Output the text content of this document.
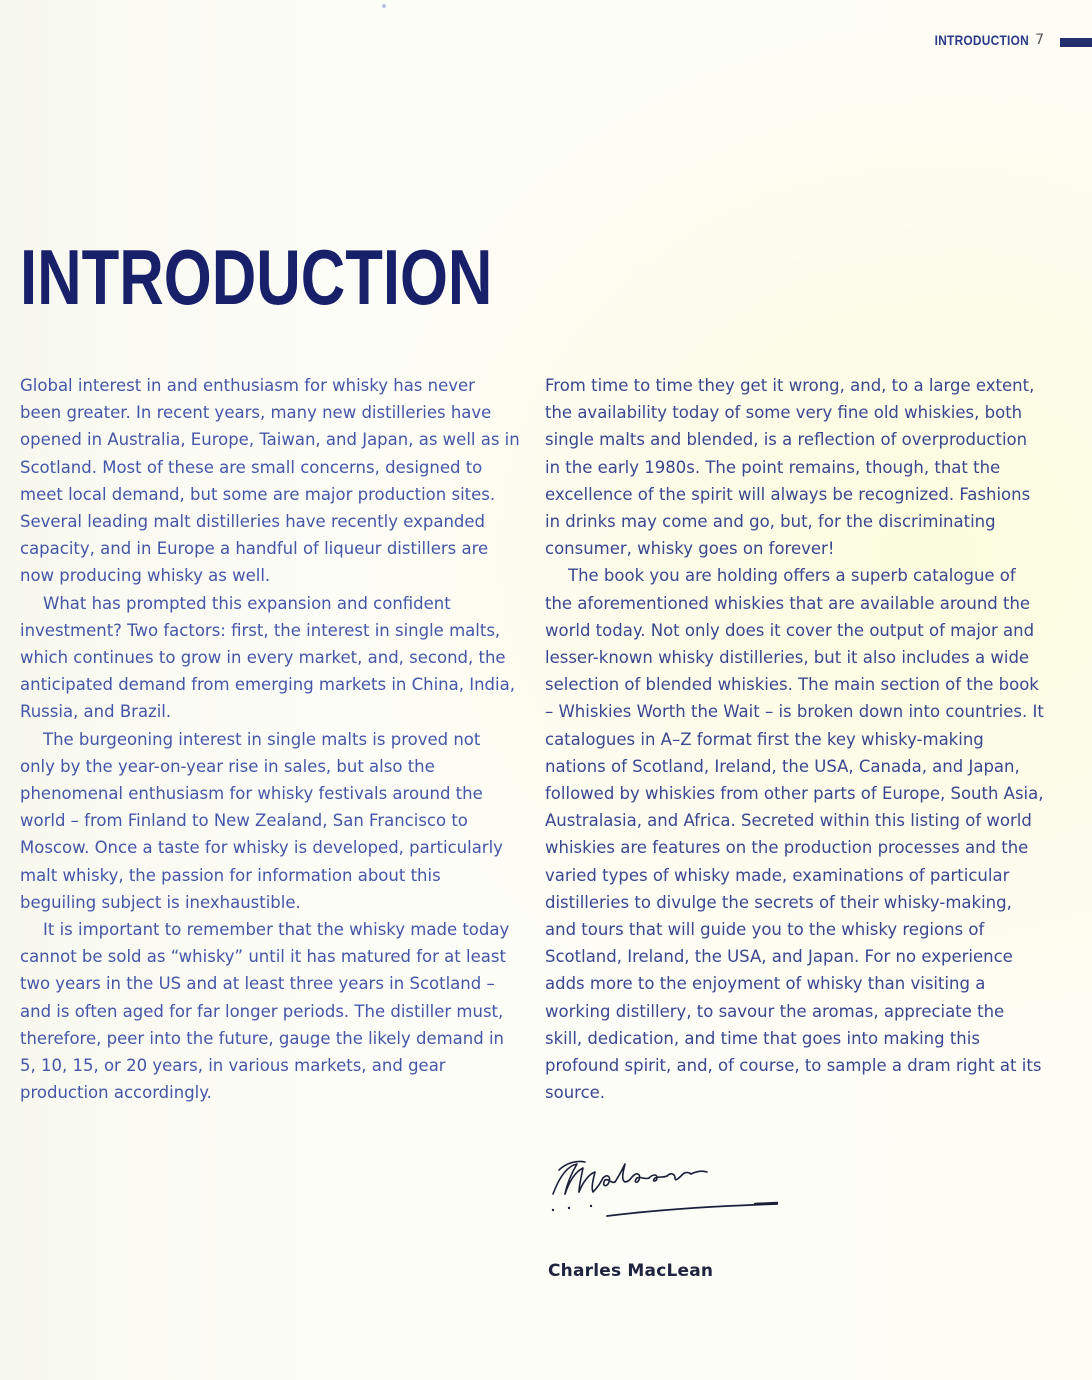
INTRODUCTION 7
INTRODUCTION

Global interest in and enthusiasm for whisky has never been greater. In recent years, many new distilleries have opened in Australia, Europe, Taiwan, and Japan, as well as in Scotland. Most of these are small concerns, designed to meet local demand, but some are major production sites. Several leading malt distilleries have recently expanded capacity, and in Europe a handful of liqueur distillers are now producing whisky as well.

What has prompted this expansion and confident investment? Two factors: first, the interest in single malts, which continues to grow in every market, and, second, the anticipated demand from emerging markets in China, India, Russia, and Brazil.

The burgeoning interest in single malts is proved not only by the year-on-year rise in sales, but also the phenomenal enthusiasm for whisky festivals around the world – from Finland to New Zealand, San Francisco to Moscow. Once a taste for whisky is developed, particularly malt whisky, the passion for information about this beguiling subject is inexhaustible.

It is important to remember that the whisky made today cannot be sold as “whisky” until it has matured for at least two years in the US and at least three years in Scotland – and is often aged for far longer periods. The distiller must, therefore, peer into the future, gauge the likely demand in 5, 10, 15, or 20 years, in various markets, and gear production accordingly.

From time to time they get it wrong, and, to a large extent, the availability today of some very fine old whiskies, both single malts and blended, is a reflection of overproduction in the early 1980s. The point remains, though, that the excellence of the spirit will always be recognized. Fashions in drinks may come and go, but, for the discriminating consumer, whisky goes on forever!

The book you are holding offers a superb catalogue of the aforementioned whiskies that are available around the world today. Not only does it cover the output of major and lesser-known whisky distilleries, but it also includes a wide selection of blended whiskies. The main section of the book – Whiskies Worth the Wait – is broken down into countries. It catalogues in A–Z format first the key whisky-making nations of Scotland, Ireland, the USA, Canada, and Japan, followed by whiskies from other parts of Europe, South Asia, Australasia, and Africa. Secreted within this listing of world whiskies are features on the production processes and the varied types of whisky made, examinations of particular distilleries to divulge the secrets of their whisky-making, and tours that will guide you to the whisky regions of Scotland, Ireland, the USA, and Japan. For no experience adds more to the enjoyment of whisky than visiting a working distillery, to savour the aromas, appreciate the skill, dedication, and time that goes into making this profound spirit, and, of course, to sample a dram right at its source.

Charles MacLean
